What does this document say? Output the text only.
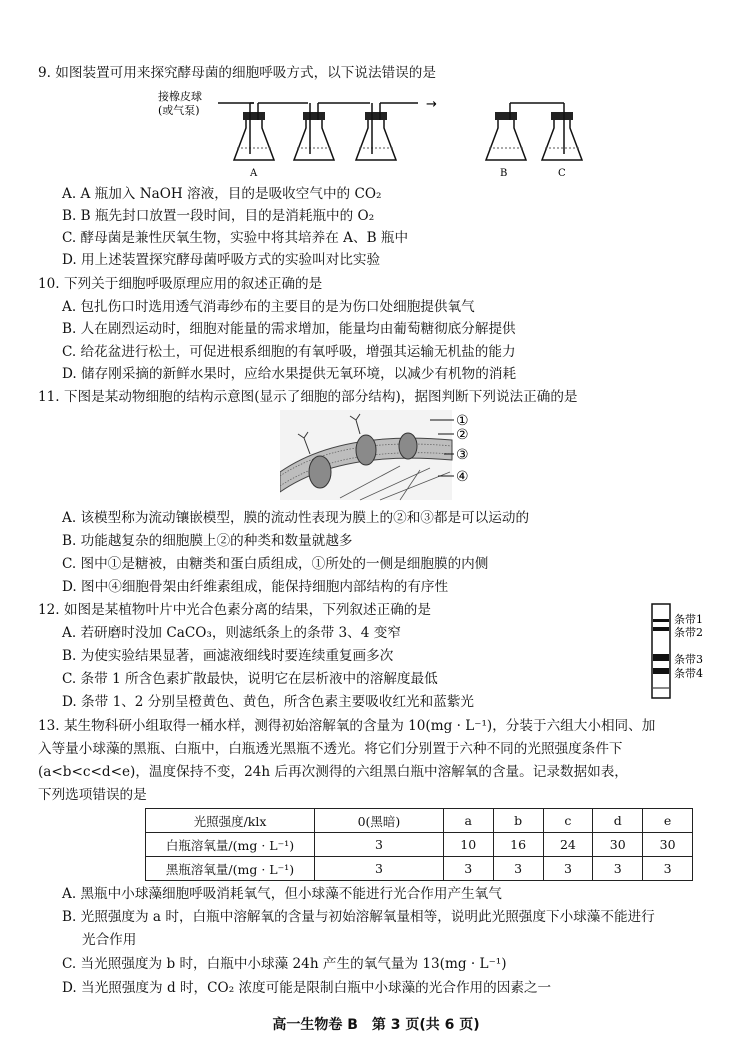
9. 如图装置可用来探究酵母菌的细胞呼吸方式，以下说法错误的是
接橡皮球
(或气泵)	→
A	B	C
A. A 瓶加入 NaOH 溶液，目的是吸收空气中的 CO₂
B. B 瓶先封口放置一段时间，目的是消耗瓶中的 O₂
C. 酵母菌是兼性厌氧生物，实验中将其培养在 A、B 瓶中
D. 用上述装置探究酵母菌呼吸方式的实验叫对比实验
10. 下列关于细胞呼吸原理应用的叙述正确的是
A. 包扎伤口时选用透气消毒纱布的主要目的是为伤口处细胞提供氧气
B. 人在剧烈运动时，细胞对能量的需求增加，能量均由葡萄糖彻底分解提供
C. 给花盆进行松土，可促进根系细胞的有氧呼吸，增强其运输无机盐的能力
D. 储存刚采摘的新鲜水果时，应给水果提供无氧环境，以减少有机物的消耗
11. 下图是某动物细胞的结构示意图(显示了细胞的部分结构)，据图判断下列说法正确的是
①
②
③
④
A. 该模型称为流动镶嵌模型，膜的流动性表现为膜上的②和③都是可以运动的
B. 功能越复杂的细胞膜上②的种类和数量就越多
C. 图中①是糖被，由糖类和蛋白质组成，①所处的一侧是细胞膜的内侧
D. 图中④细胞骨架由纤维素组成，能保持细胞内部结构的有序性
12. 如图是某植物叶片中光合色素分离的结果，下列叙述正确的是
A. 若研磨时没加 CaCO₃，则滤纸条上的条带 3、4 变窄
B. 为使实验结果显著，画滤液细线时要连续重复画多次
C. 条带 1 所含色素扩散最快，说明它在层析液中的溶解度最低
D. 条带 1、2 分别呈橙黄色、黄色，所含色素主要吸收红光和蓝紫光
条带1
条带2
条带3
条带4
13. 某生物科研小组取得一桶水样，测得初始溶解氧的含量为 10(mg · L⁻¹)，分装于六组大小相同、加
入等量小球藻的黑瓶、白瓶中，白瓶透光黑瓶不透光。将它们分别置于六种不同的光照强度条件下
(a<b<c<d<e)，温度保持不变，24h 后再次测得的六组黑白瓶中溶解氧的含量。记录数据如表，
下列选项错误的是
光照强度/klx	0(黑暗)	a	b	c	d	e
白瓶溶氧量/(mg · L⁻¹)	3	10	16	24	30	30
黑瓶溶氧量/(mg · L⁻¹)	3	3	3	3	3	3
A. 黑瓶中小球藻细胞呼吸消耗氧气，但小球藻不能进行光合作用产生氧气
B. 光照强度为 a 时，白瓶中溶解氧的含量与初始溶解氧量相等，说明此光照强度下小球藻不能进行
光合作用
C. 当光照强度为 b 时，白瓶中小球藻 24h 产生的氧气量为 13(mg · L⁻¹)
D. 当光照强度为 d 时，CO₂ 浓度可能是限制白瓶中小球藻的光合作用的因素之一
高一生物卷 B　第 3 页(共 6 页)
